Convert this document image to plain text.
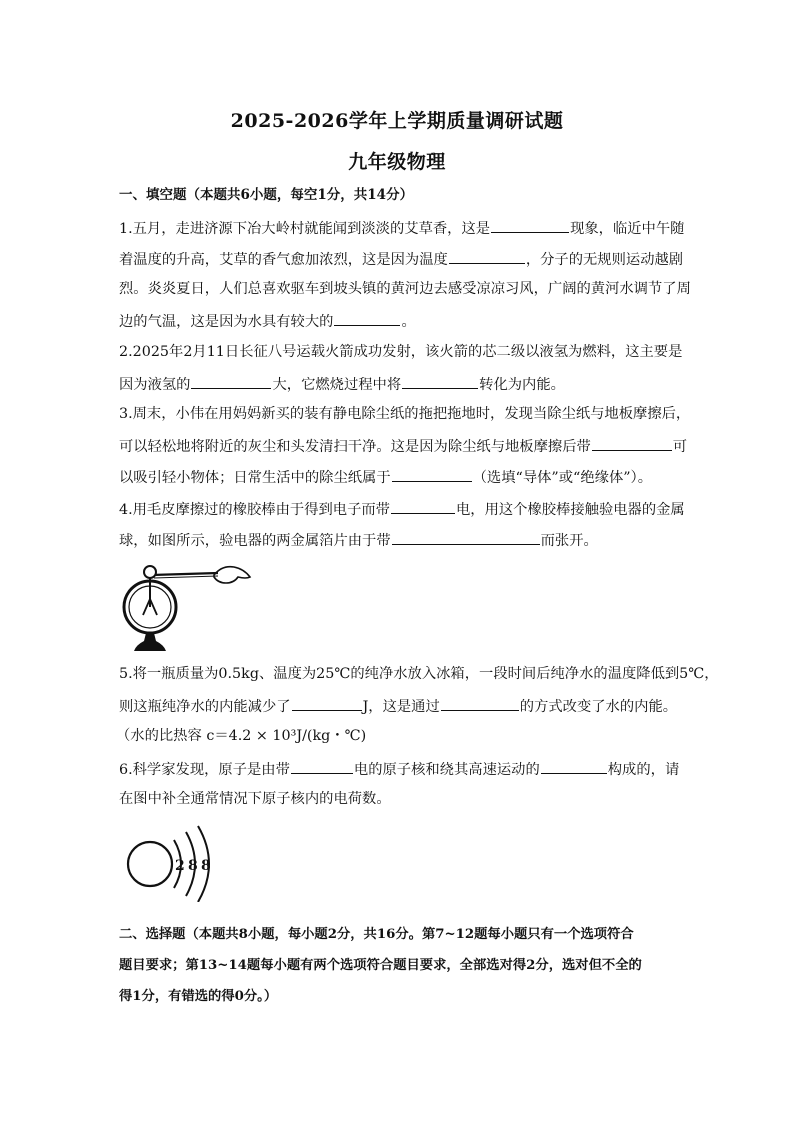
2025-2026学年上学期质量调研试题
九年级物理
一、填空题（本题共6小题，每空1分，共14分）
1.五月，走进济源下冶大岭村就能闻到淡淡的艾草香，这是	现象，临近中午随
着温度的升高，艾草的香气愈加浓烈，这是因为温度	，分子的无规则运动越剧
烈。炎炎夏日，人们总喜欢驱车到坡头镇的黄河边去感受凉凉习风，广阔的黄河水调节了周
边的气温，这是因为水具有较大的	。
2.2025年2月11日长征八号运载火箭成功发射，该火箭的芯二级以液氢为燃料，这主要是
因为液氢的	大，它燃烧过程中将	转化为内能。
3.周末，小伟在用妈妈新买的装有静电除尘纸的拖把拖地时，发现当除尘纸与地板摩擦后，
可以轻松地将附近的灰尘和头发清扫干净。这是因为除尘纸与地板摩擦后带	可
以吸引轻小物体；日常生活中的除尘纸属于	（选填“导体”或“绝缘体”）。
4.用毛皮摩擦过的橡胶棒由于得到电子而带	电，用这个橡胶棒接触验电器的金属
球，如图所示，验电器的两金属箔片由于带	而张开。
5.将一瓶质量为0.5kg、温度为25℃的纯净水放入冰箱，一段时间后纯净水的温度降低到5℃，
则这瓶纯净水的内能减少了	J，这是通过	的方式改变了水的内能。
（水的比热容 c＝4.2 × 10³J/(kg・℃)
6.科学家发现，原子是由带	电的原子核和绕其高速运动的	构成的，请
在图中补全通常情况下原子核内的电荷数。
2 8 8
二、选择题（本题共8小题，每小题2分，共16分。第7~12题每小题只有一个选项符合
题目要求；第13~14题每小题有两个选项符合题目要求，全部选对得2分，选对但不全的
得1分，有错选的得0分。）
